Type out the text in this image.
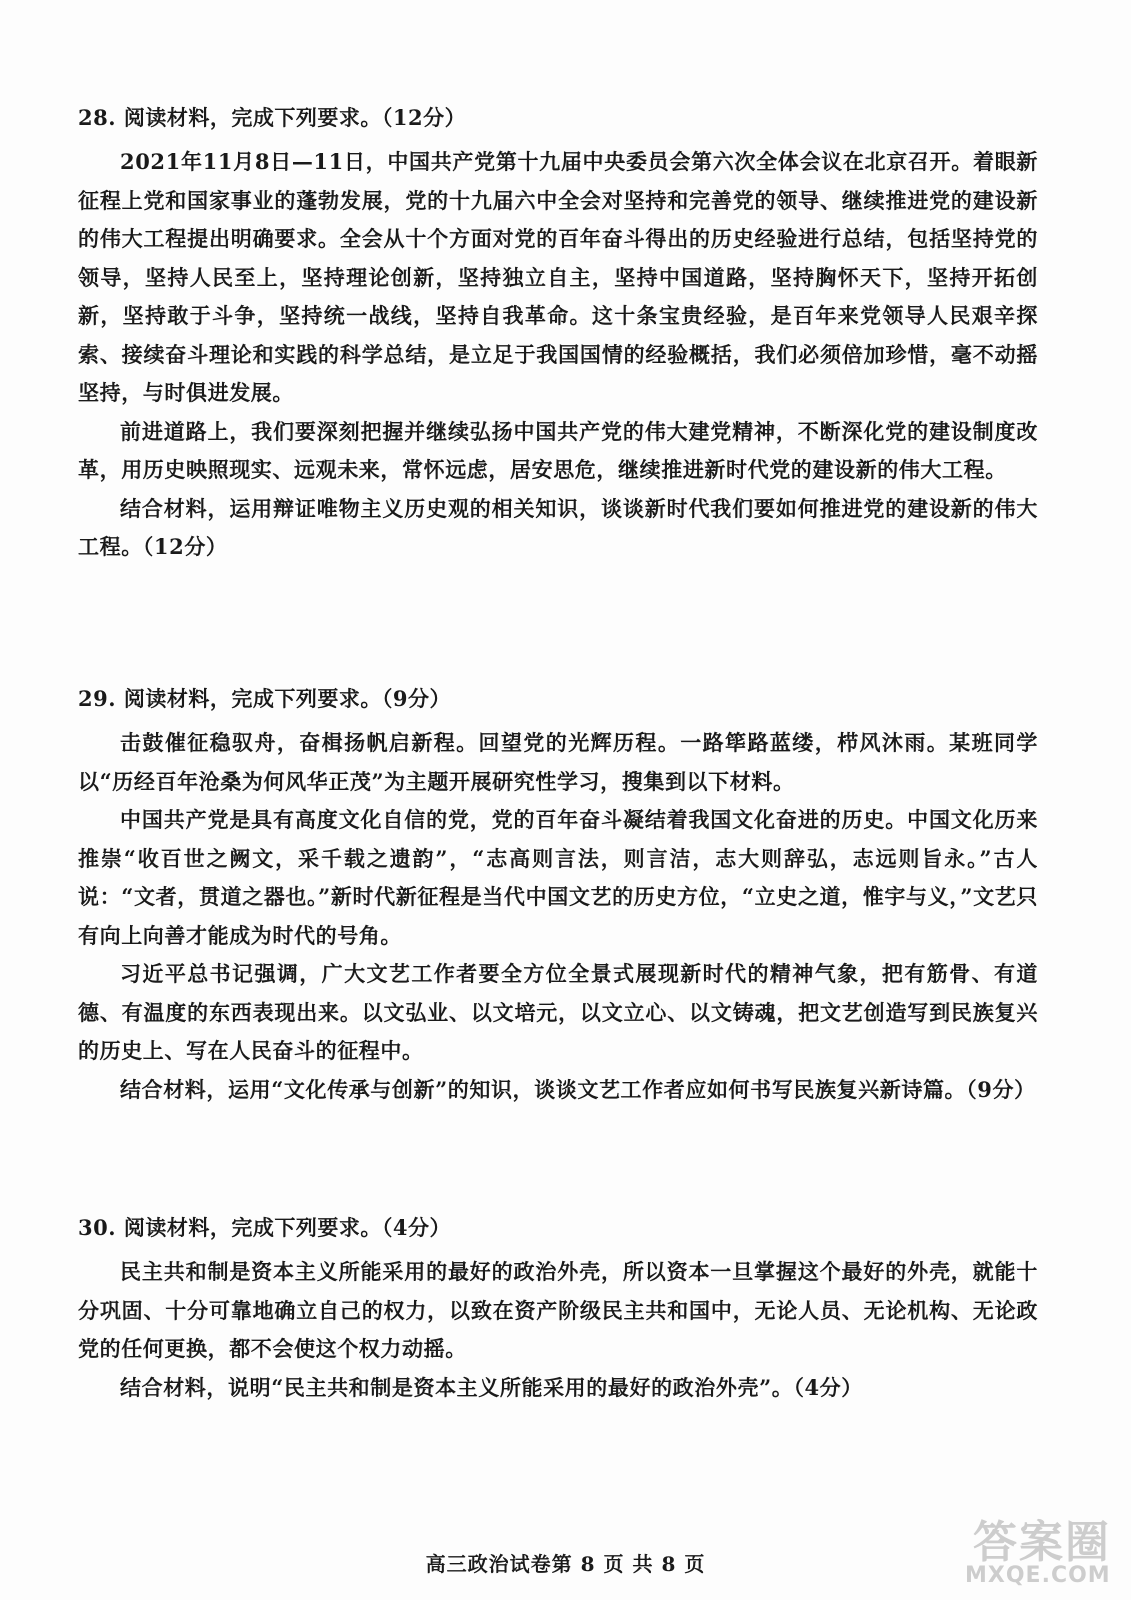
28. 阅读材料，完成下列要求。（12分）

2021年11月8日—11日，中国共产党第十九届中央委员会第六次全体会议在北京召开。着眼新征程上党和国家事业的蓬勃发展，党的十九届六中全会对坚持和完善党的领导、继续推进党的建设新的伟大工程提出明确要求。全会从十个方面对党的百年奋斗得出的历史经验进行总结，包括坚持党的领导，坚持人民至上，坚持理论创新，坚持独立自主，坚持中国道路，坚持胸怀天下，坚持开拓创新，坚持敢于斗争，坚持统一战线，坚持自我革命。这十条宝贵经验，是百年来党领导人民艰辛探索、接续奋斗理论和实践的科学总结，是立足于我国国情的经验概括，我们必须倍加珍惜，毫不动摇坚持，与时俱进发展。

前进道路上，我们要深刻把握并继续弘扬中国共产党的伟大建党精神，不断深化党的建设制度改革，用历史映照现实、远观未来，常怀远虑，居安思危，继续推进新时代党的建设新的伟大工程。

结合材料，运用辩证唯物主义历史观的相关知识，谈谈新时代我们要如何推进党的建设新的伟大工程。（12分）

29. 阅读材料，完成下列要求。（9分）

击鼓催征稳驭舟，奋楫扬帆启新程。回望党的光辉历程。一路筚路蓝缕，栉风沐雨。某班同学以“历经百年沧桑为何风华正茂”为主题开展研究性学习，搜集到以下材料。

中国共产党是具有高度文化自信的党，党的百年奋斗凝结着我国文化奋进的历史。中国文化历来推崇“收百世之阙文，采千载之遗韵”，“志高则言法，则言洁，志大则辞弘，志远则旨永。”古人说：“文者，贯道之器也。”新时代新征程是当代中国文艺的历史方位，“立史之道，惟宇与义，”文艺只有向上向善才能成为时代的号角。

习近平总书记强调，广大文艺工作者要全方位全景式展现新时代的精神气象，把有筋骨、有道德、有温度的东西表现出来。以文弘业、以文培元，以文立心、以文铸魂，把文艺创造写到民族复兴的历史上、写在人民奋斗的征程中。

结合材料，运用“文化传承与创新”的知识，谈谈文艺工作者应如何书写民族复兴新诗篇。（9分）

30. 阅读材料，完成下列要求。（4分）

民主共和制是资本主义所能采用的最好的政治外壳，所以资本一旦掌握这个最好的外壳，就能十分巩固、十分可靠地确立自己的权力，以致在资产阶级民主共和国中，无论人员、无论机构、无论政党的任何更换，都不会使这个权力动摇。

结合材料，说明“民主共和制是资本主义所能采用的最好的政治外壳”。（4分）

高三政治试卷第 8 页 共 8 页	答案圈
MXQE.COM
